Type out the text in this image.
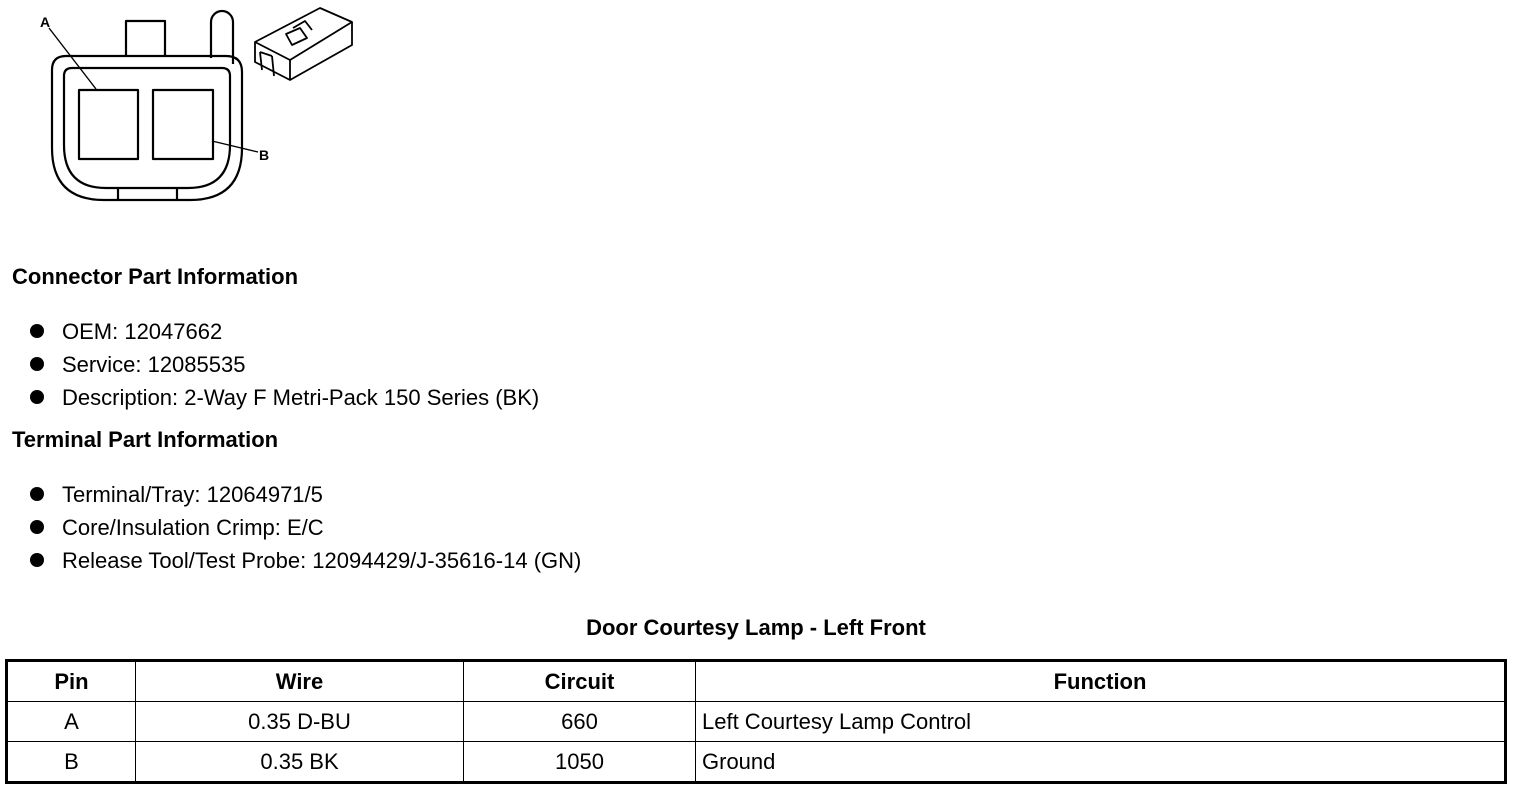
A
B
Connector Part Information
OEM: 12047662
Service: 12085535
Description: 2-Way F Metri-Pack 150 Series (BK)
Terminal Part Information
Terminal/Tray: 12064971/5
Core/Insulation Crimp: E/C
Release Tool/Test Probe: 12094429/J-35616-14 (GN)
Door Courtesy Lamp - Left Front
Pin	Wire	Circuit	Function
A	0.35 D-BU	660	Left Courtesy Lamp Control
B	0.35 BK	1050	Ground
